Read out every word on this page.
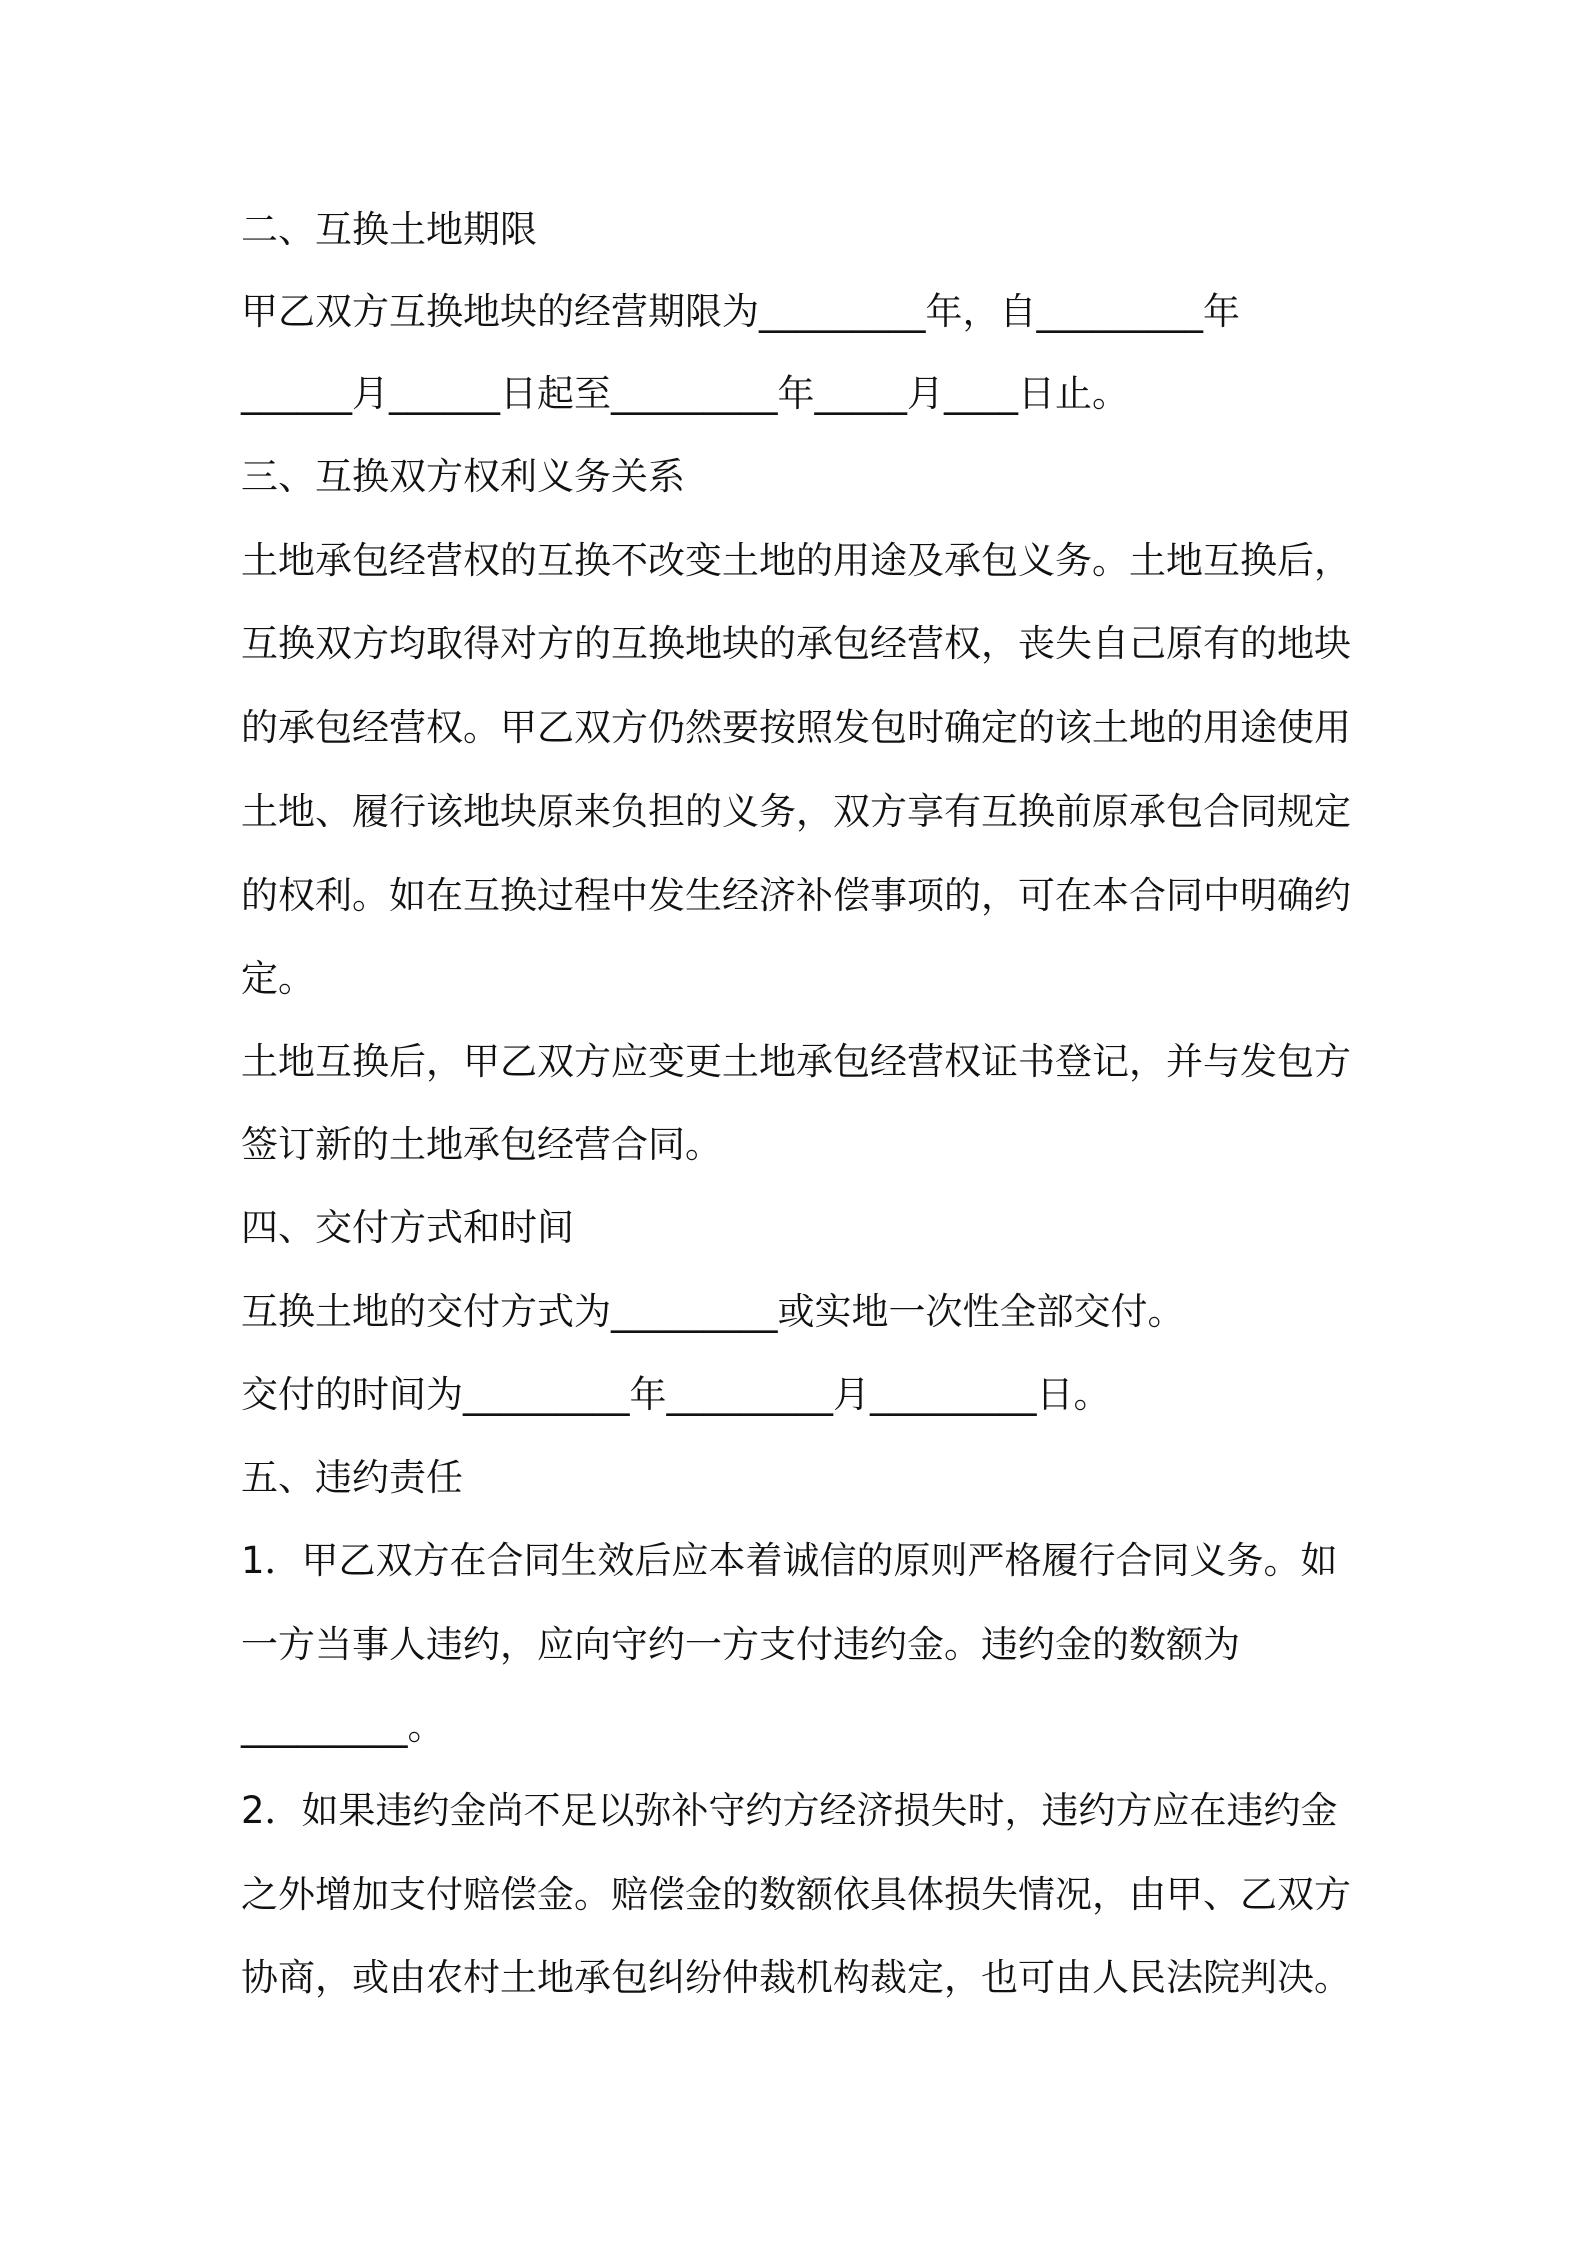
二、互换土地期限
甲乙双方互换地块的经营期限为_________年，自_________年
______月______日起至_________年_____月____日止。
三、互换双方权利义务关系
土地承包经营权的互换不改变土地的用途及承包义务。土地互换后，
互换双方均取得对方的互换地块的承包经营权，丧失自己原有的地块
的承包经营权。甲乙双方仍然要按照发包时确定的该土地的用途使用
土地、履行该地块原来负担的义务，双方享有互换前原承包合同规定
的权利。如在互换过程中发生经济补偿事项的，可在本合同中明确约
定。
土地互换后，甲乙双方应变更土地承包经营权证书登记，并与发包方
签订新的土地承包经营合同。
四、交付方式和时间
互换土地的交付方式为_________或实地一次性全部交付。
交付的时间为_________年_________月_________日。
五、违约责任
1．甲乙双方在合同生效后应本着诚信的原则严格履行合同义务。如
一方当事人违约，应向守约一方支付违约金。违约金的数额为
_________。
2．如果违约金尚不足以弥补守约方经济损失时，违约方应在违约金
之外增加支付赔偿金。赔偿金的数额依具体损失情况，由甲、乙双方
协商，或由农村土地承包纠纷仲裁机构裁定，也可由人民法院判决。
